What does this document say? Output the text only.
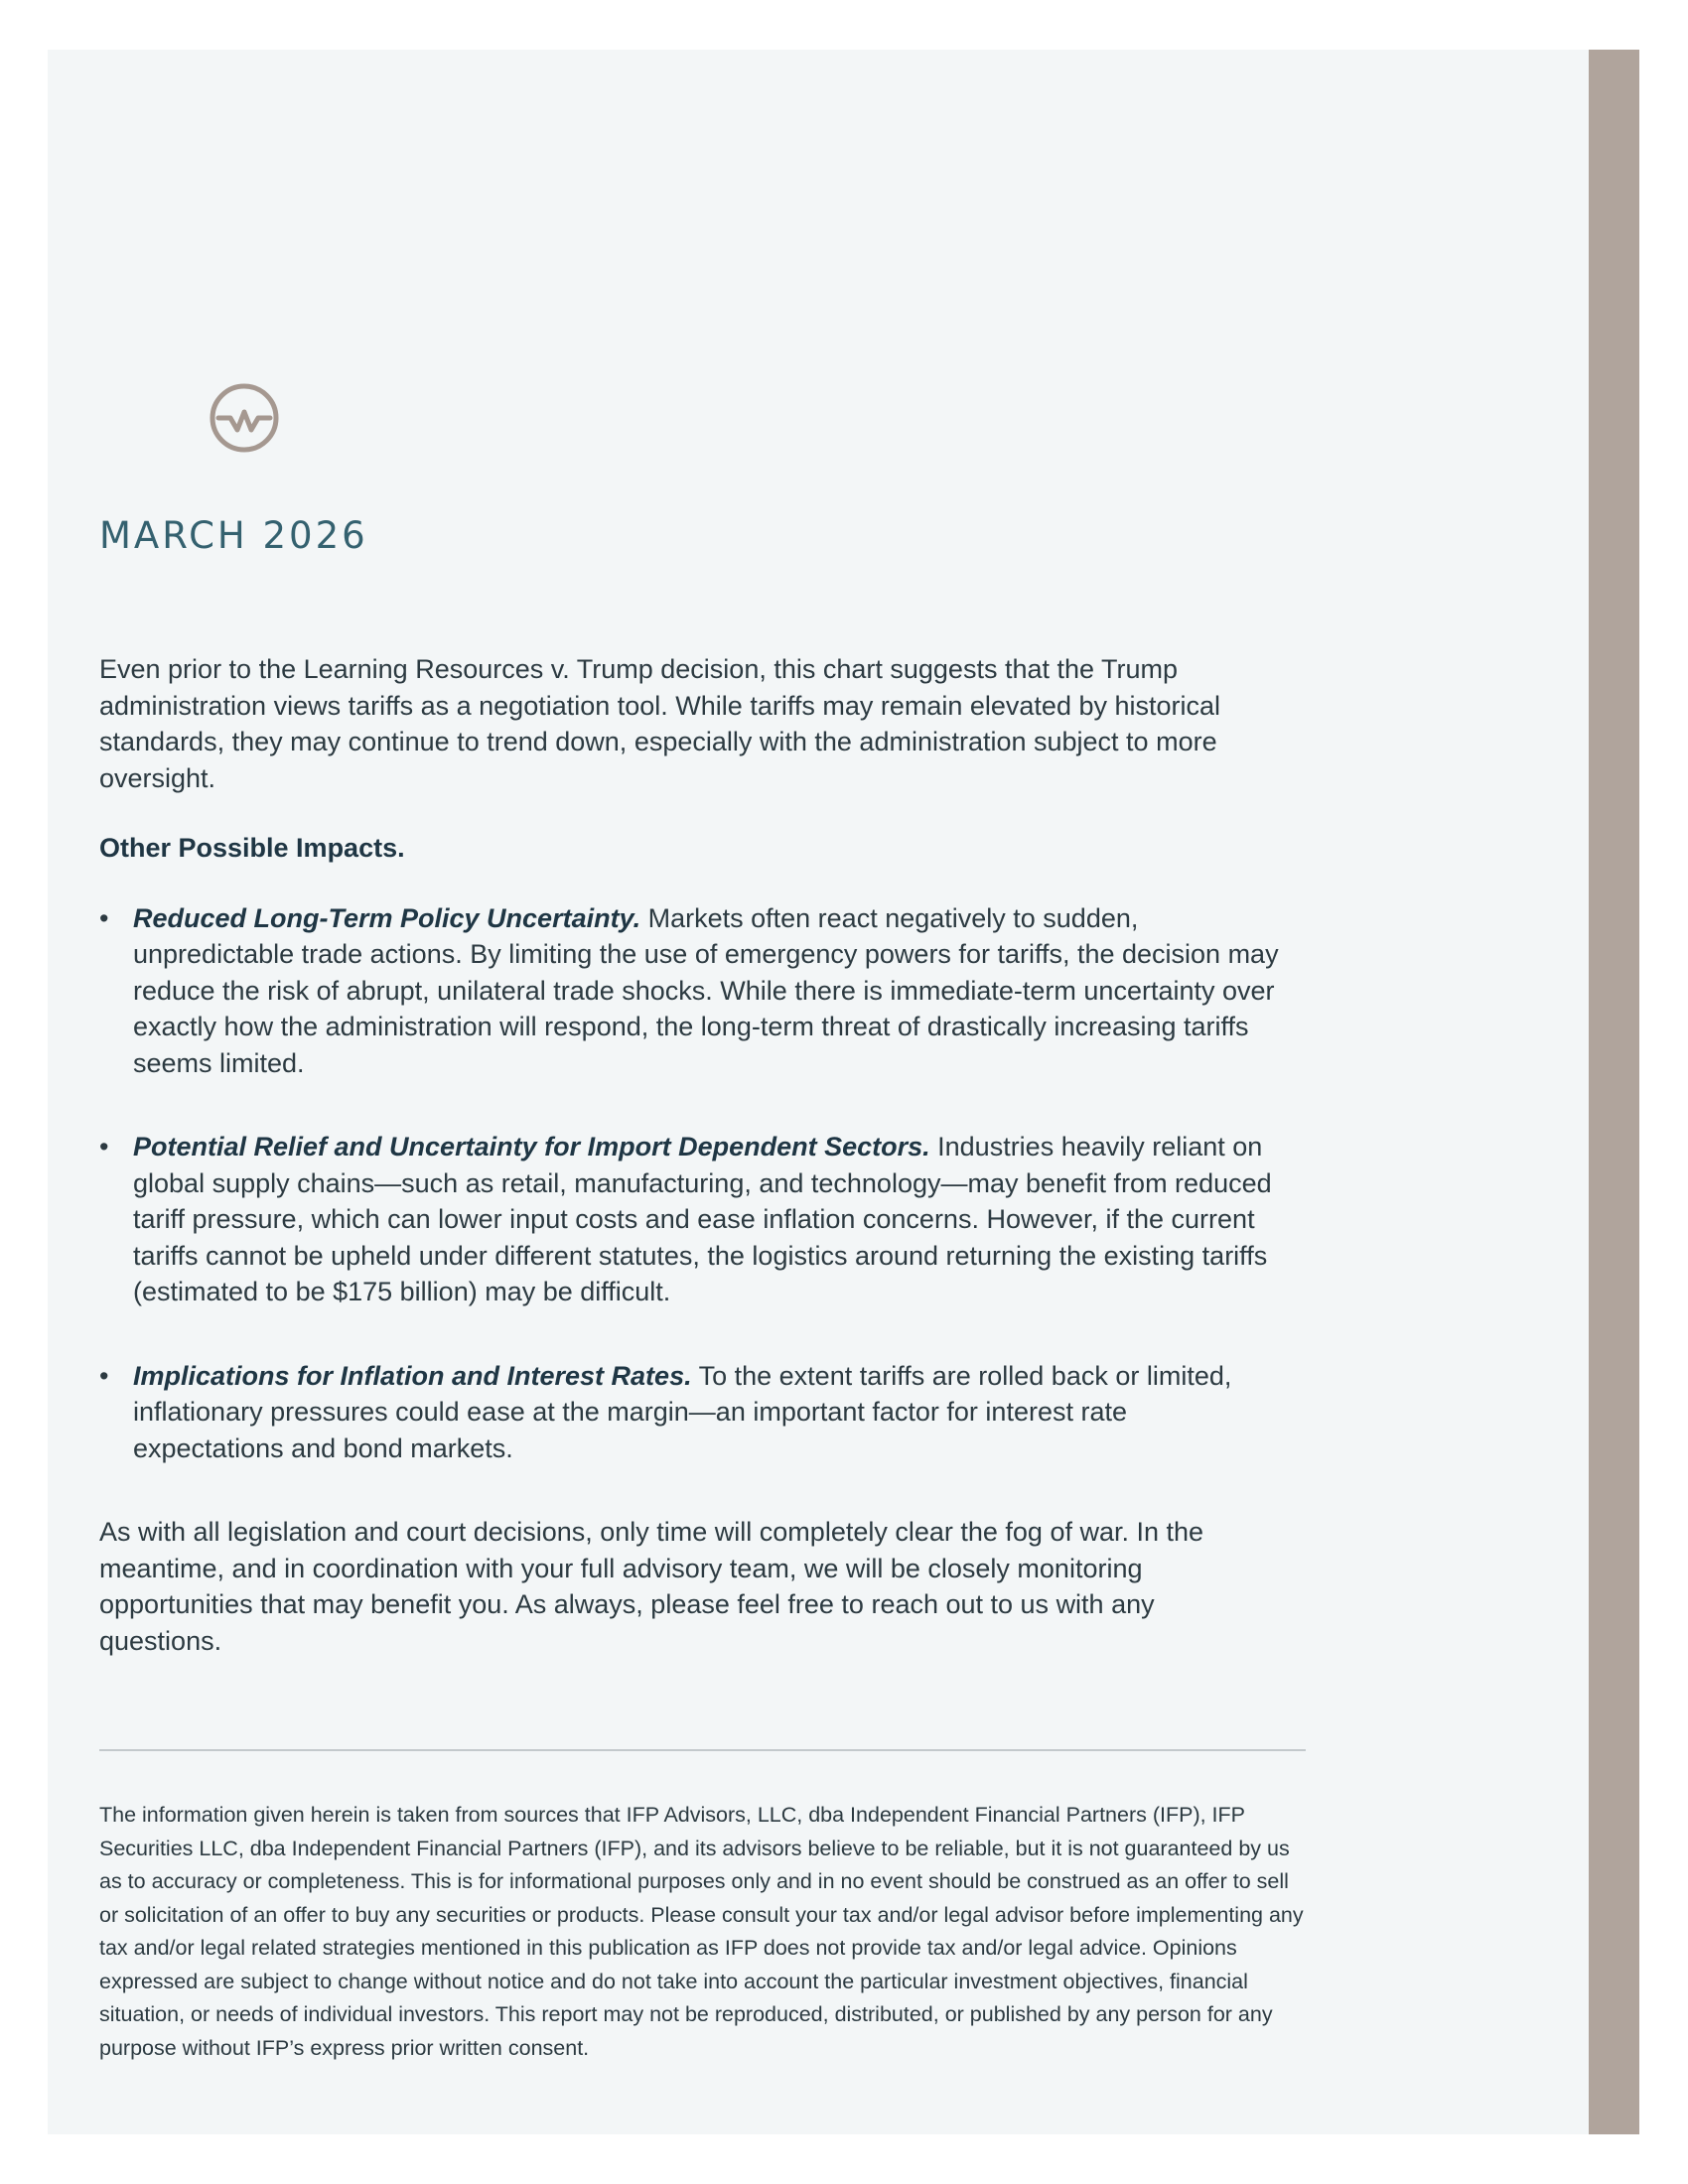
MARCH 2026

Even prior to the Learning Resources v. Trump decision, this chart suggests that the Trump administration views tariffs as a negotiation tool. While tariffs may remain elevated by historical standards, they may continue to trend down, especially with the administration subject to more oversight.

Other Possible Impacts.

• Reduced Long-Term Policy Uncertainty. Markets often react negatively to sudden, unpredictable trade actions. By limiting the use of emergency powers for tariffs, the decision may reduce the risk of abrupt, unilateral trade shocks. While there is immediate-term uncertainty over exactly how the administration will respond, the long-term threat of drastically increasing tariffs seems limited.
• Potential Relief and Uncertainty for Import Dependent Sectors. Industries heavily reliant on global supply chains—such as retail, manufacturing, and technology—may benefit from reduced tariff pressure, which can lower input costs and ease inflation concerns. However, if the current tariffs cannot be upheld under different statutes, the logistics around returning the existing tariffs (estimated to be $175 billion) may be difficult.
• Implications for Inflation and Interest Rates. To the extent tariffs are rolled back or limited, inflationary pressures could ease at the margin—an important factor for interest rate expectations and bond markets.

As with all legislation and court decisions, only time will completely clear the fog of war. In the meantime, and in coordination with your full advisory team, we will be closely monitoring opportunities that may benefit you. As always, please feel free to reach out to us with any questions.

The information given herein is taken from sources that IFP Advisors, LLC, dba Independent Financial Partners (IFP), IFP Securities LLC, dba Independent Financial Partners (IFP), and its advisors believe to be reliable, but it is not guaranteed by us as to accuracy or completeness. This is for informational purposes only and in no event should be construed as an offer to sell or solicitation of an offer to buy any securities or products. Please consult your tax and/or legal advisor before implementing any tax and/or legal related strategies mentioned in this publication as IFP does not provide tax and/or legal advice. Opinions expressed are subject to change without notice and do not take into account the particular investment objectives, financial situation, or needs of individual investors. This report may not be reproduced, distributed, or published by any person for any purpose without IFP’s express prior written consent.
